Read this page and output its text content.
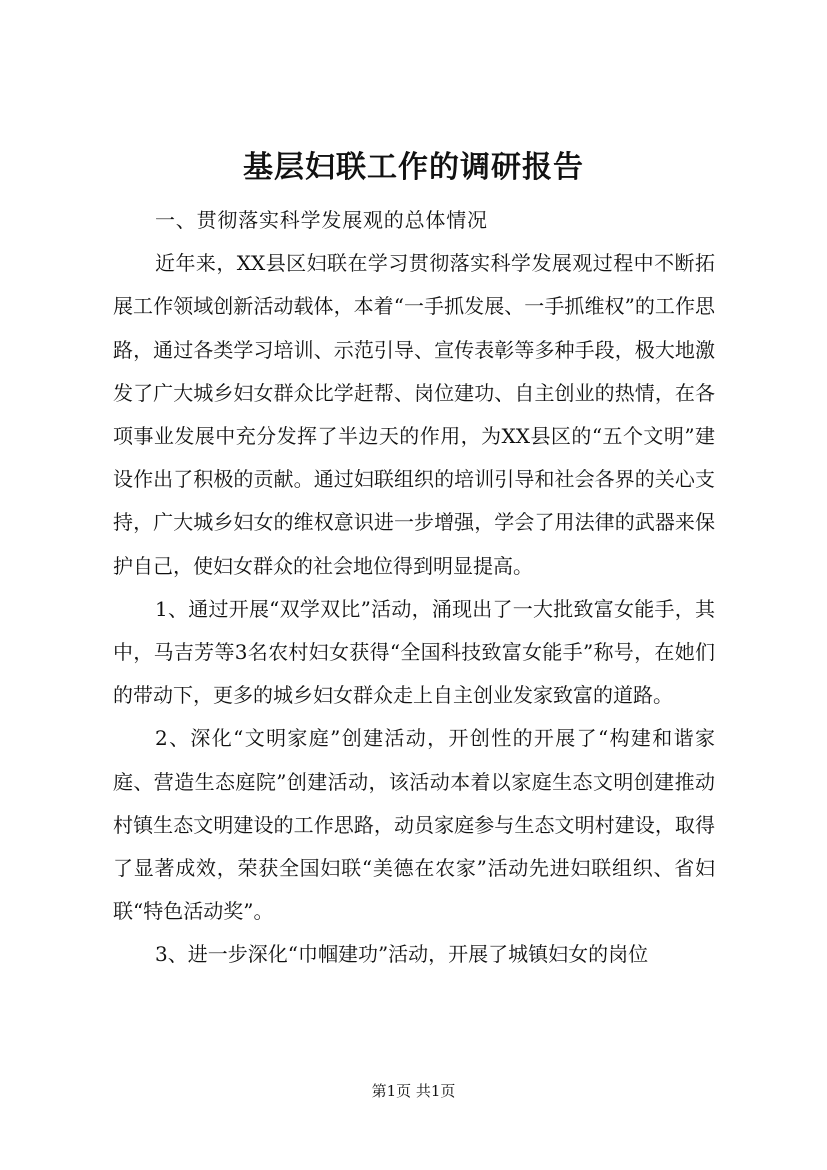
基层妇联工作的调研报告

一、贯彻落实科学发展观的总体情况

近年来，XX县区妇联在学习贯彻落实科学发展观过程中不断拓展工作领域创新活动载体，本着“一手抓发展、一手抓维权”的工作思路，通过各类学习培训、示范引导、宣传表彰等多种手段，极大地激发了广大城乡妇女群众比学赶帮、岗位建功、自主创业的热情，在各项事业发展中充分发挥了半边天的作用，为XX县区的“五个文明”建设作出了积极的贡献。通过妇联组织的培训引导和社会各界的关心支持，广大城乡妇女的维权意识进一步增强，学会了用法律的武器来保护自己，使妇女群众的社会地位得到明显提高。

1、通过开展“双学双比”活动，涌现出了一大批致富女能手，其中，马吉芳等3名农村妇女获得“全国科技致富女能手”称号，在她们的带动下，更多的城乡妇女群众走上自主创业发家致富的道路。

2、深化“文明家庭”创建活动，开创性的开展了“构建和谐家庭、营造生态庭院”创建活动，该活动本着以家庭生态文明创建推动村镇生态文明建设的工作思路，动员家庭参与生态文明村建设，取得了显著成效，荣获全国妇联“美德在农家”活动先进妇联组织、省妇联“特色活动奖”。

3、进一步深化“巾帼建功”活动，开展了城镇妇女的岗位

第1页 共1页
